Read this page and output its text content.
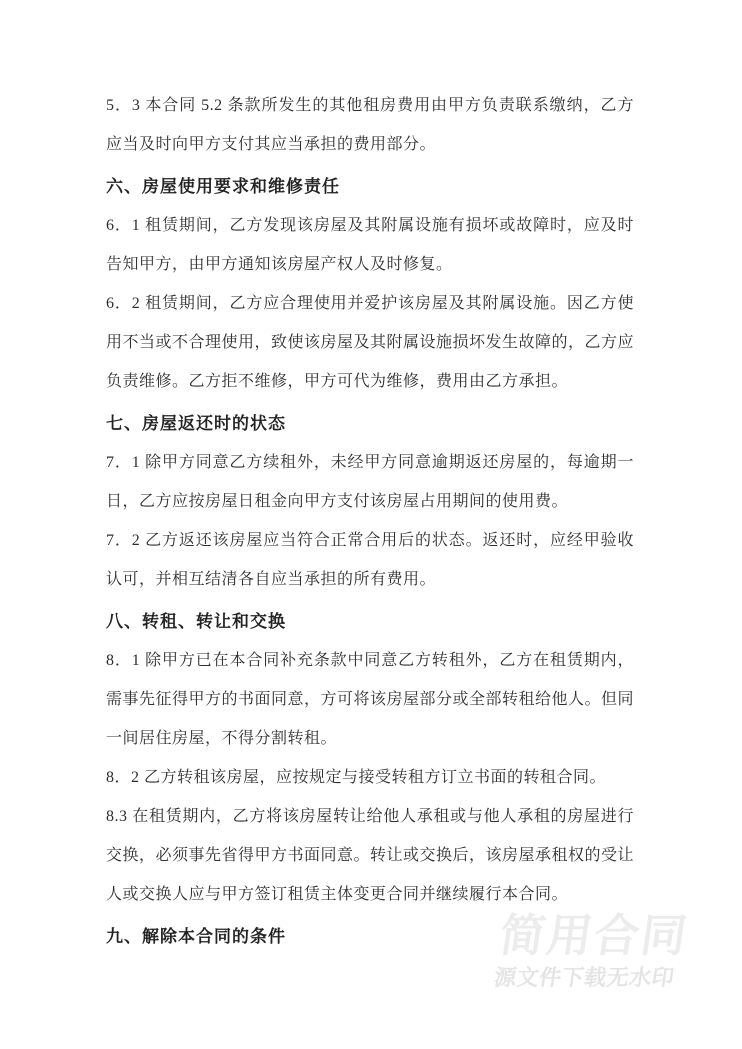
5．3 本合同 5.2 条款所发生的其他租房费用由甲方负责联系缴纳，乙方应当及时向甲方支付其应当承担的费用部分。

六、房屋使用要求和维修责任

6．1 租赁期间，乙方发现该房屋及其附属设施有损坏或故障时，应及时告知甲方，由甲方通知该房屋产权人及时修复。

6．2 租赁期间，乙方应合理使用并爱护该房屋及其附属设施。因乙方使用不当或不合理使用，致使该房屋及其附属设施损坏发生故障的，乙方应负责维修。乙方拒不维修，甲方可代为维修，费用由乙方承担。

七、房屋返还时的状态

7．1 除甲方同意乙方续租外，未经甲方同意逾期返还房屋的，每逾期一日，乙方应按房屋日租金向甲方支付该房屋占用期间的使用费。

7．2 乙方返还该房屋应当符合正常合用后的状态。返还时，应经甲验收认可，并相互结清各自应当承担的所有费用。

八、转租、转让和交换

8．1 除甲方已在本合同补充条款中同意乙方转租外，乙方在租赁期内，需事先征得甲方的书面同意，方可将该房屋部分或全部转租给他人。但同一间居住房屋，不得分割转租。

8．2 乙方转租该房屋，应按规定与接受转租方订立书面的转租合同。

8.3 在租赁期内，乙方将该房屋转让给他人承租或与他人承租的房屋进行交换，必须事先省得甲方书面同意。转让或交换后，该房屋承租权的受让人或交换人应与甲方签订租赁主体变更合同并继续履行本合同。

九、解除本合同的条件	简用合同
源文件下载无水印
